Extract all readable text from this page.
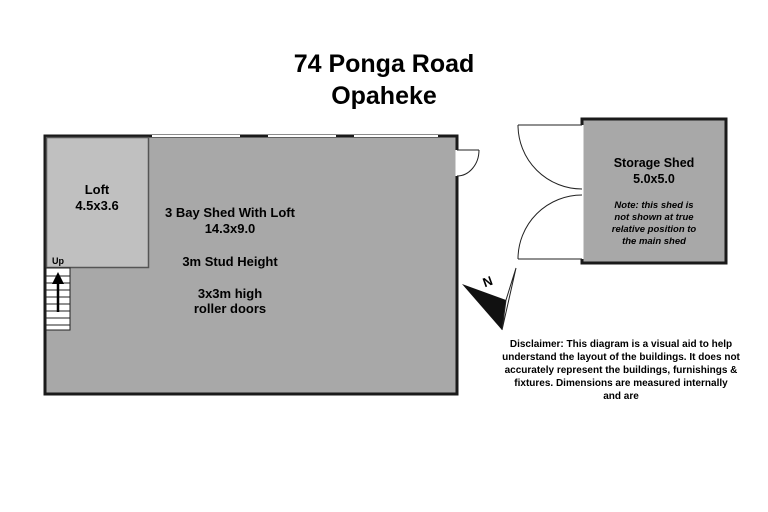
74 Ponga Road
Opaheke
3 Bay Shed With Loft
14.3x9.0
3m Stud Height
3x3m high
roller doors
Loft
4.5x3.6
Up
Storage Shed
5.0x5.0
Note: this shed is
not shown at true
relative position to
the main shed
N
Disclaimer: This diagram is a visual aid to help
understand the layout of the buildings. It does not
accurately represent the buildings, furnishings &
fixtures. Dimensions are measured internally
and are
